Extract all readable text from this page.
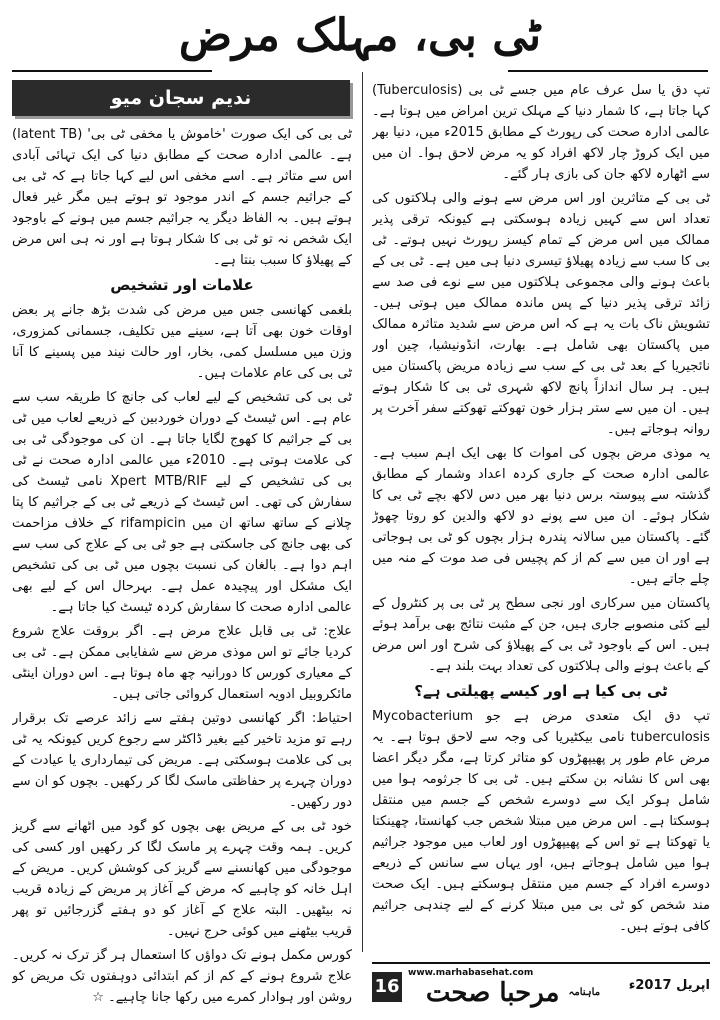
ٹی بی، مہلک مرض
ندیم سجان میو	تپ دق یا سل عرف عام میں جسے ٹی بی (Tuberculosis) کہا جاتا ہے، کا شمار دنیا کے مہلک ترین امراض میں ہوتا ہے۔ عالمی ادارہ صحت کی رپورٹ کے مطابق 2015ء میں، دنیا بھر میں ایک کروڑ چار لاکھ افراد کو یہ مرض لاحق ہوا۔ ان میں سے اٹھارہ لاکھ جان کی بازی ہار گئے۔

ٹی بی کے متاثرین اور اس مرض سے ہونے والی ہلاکتوں کی تعداد اس سے کہیں زیادہ ہوسکتی ہے کیونکہ ترقی پذیر ممالک میں اس مرض کے تمام کیسز رپورٹ نہیں ہوتے۔ ٹی بی کا سب سے زیادہ پھیلاؤ تیسری دنیا ہی میں ہے۔ ٹی بی کے باعث ہونے والی مجموعی ہلاکتوں میں سے نوے فی صد سے زائد ترقی پذیر دنیا کے پس ماندہ ممالک میں ہوتی ہیں۔ تشویش ناک بات یہ ہے کہ اس مرض سے شدید متاثرہ ممالک میں پاکستان بھی شامل ہے۔ بھارت، انڈونیشیا، چین اور نائجیریا کے بعد ٹی بی کے سب سے زیادہ مریض پاکستان میں ہیں۔ ہر سال اندازاً پانچ لاکھ شہری ٹی بی کا شکار ہوتے ہیں۔ ان میں سے ستر ہزار خون تھوکتے تھوکتے سفر آخرت پر روانہ ہوجاتے ہیں۔

یہ موذی مرض بچوں کی اموات کا بھی ایک اہم سبب ہے۔ عالمی ادارہ صحت کے جاری کردہ اعداد وشمار کے مطابق گذشتہ سے پیوستہ برس دنیا بھر میں دس لاکھ بچے ٹی بی کا شکار ہوئے۔ ان میں سے پونے دو لاکھ والدین کو روتا چھوڑ گئے۔ پاکستان میں سالانہ پندرہ ہزار بچوں کو ٹی بی ہوجاتی ہے اور ان میں سے کم از کم پچیس فی صد موت کے منہ میں چلے جاتے ہیں۔

پاکستان میں سرکاری اور نجی سطح پر ٹی بی پر کنٹرول کے لیے کئی منصوبے جاری ہیں، جن کے مثبت نتائج بھی برآمد ہوئے ہیں۔ اس کے باوجود ٹی بی کے پھیلاؤ کی شرح اور اس مرض کے باعث ہونے والی ہلاکتوں کی تعداد بہت بلند ہے۔

ٹی بی کیا ہے اور کیسے پھیلتی ہے؟

تپ دق ایک متعدی مرض ہے جو Mycobacterium tuberculosis نامی بیکٹیریا کی وجہ سے لاحق ہوتا ہے۔ یہ مرض عام طور پر پھیپھڑوں کو متاثر کرتا ہے، مگر دیگر اعضا بھی اس کا نشانہ بن سکتے ہیں۔ ٹی بی کا جرثومہ ہوا میں شامل ہوکر ایک سے دوسرے شخص کے جسم میں منتقل ہوسکتا ہے۔ اس مرض میں مبتلا شخص جب کھانستا، چھینکتا یا تھوکتا ہے تو اس کے پھیپھڑوں اور لعاب میں موجود جراثیم ہوا میں شامل ہوجاتے ہیں، اور یہاں سے سانس کے ذریعے دوسرے افراد کے جسم میں منتقل ہوسکتے ہیں۔ ایک صحت مند شخص کو ٹی بی میں مبتلا کرنے کے لیے چندہی جراثیم کافی ہوتے ہیں۔

ٹی بی کی ایک صورت 'خاموش یا مخفی ٹی بی' (latent TB) ہے۔ عالمی ادارہ صحت کے مطابق دنیا کی ایک تہائی آبادی اس سے متاثر ہے۔ اسے مخفی اس لیے کہا جاتا ہے کہ ٹی بی کے جراثیم جسم کے اندر موجود تو ہوتے ہیں مگر غیر فعال ہوتے ہیں۔ بہ الفاظ دیگر یہ جراثیم جسم میں ہونے کے باوجود ایک شخص نہ تو ٹی بی کا شکار ہوتا ہے اور نہ ہی اس مرض کے پھیلاؤ کا سبب بنتا ہے۔

علامات اور تشخیص

بلغمی کھانسی جس میں مرض کی شدت بڑھ جانے پر بعض اوقات خون بھی آتا ہے، سینے میں تکلیف، جسمانی کمزوری، وزن میں مسلسل کمی، بخار، اور حالت نیند میں پسینے کا آنا ٹی بی کی عام علامات ہیں۔

ٹی بی کی تشخیص کے لیے لعاب کی جانچ کا طریقہ سب سے عام ہے۔ اس ٹیسٹ کے دوران خوردبین کے ذریعے لعاب میں ٹی بی کے جراثیم کا کھوج لگایا جاتا ہے۔ ان کی موجودگی ٹی بی کی علامت ہوتی ہے۔ 2010ء میں عالمی ادارہ صحت نے ٹی بی کی تشخیص کے لیے Xpert MTB/RIF نامی ٹیسٹ کی سفارش کی تھی۔ اس ٹیسٹ کے ذریعے ٹی بی کے جراثیم کا پتا چلانے کے ساتھ ساتھ ان میں rifampicin کے خلاف مزاحمت کی بھی جانچ کی جاسکتی ہے جو ٹی بی کے علاج کی سب سے اہم دوا ہے۔ بالغان کی نسبت بچوں میں ٹی بی کی تشخیص ایک مشکل اور پیچیدہ عمل ہے۔ بہرحال اس کے لیے بھی عالمی ادارہ صحت کا سفارش کردہ ٹیسٹ کیا جاتا ہے۔

علاج: ٹی بی قابل علاج مرض ہے۔ اگر بروقت علاج شروع کردیا جائے تو اس موذی مرض سے شفایابی ممکن ہے۔ ٹی بی کے معیاری کورس کا دورانیہ چھ ماہ ہوتا ہے۔ اس دوران اینٹی مائکروبیل ادویہ استعمال کروائی جاتی ہیں۔

احتیاط: اگر کھانسی دوتین ہفتے سے زائد عرصے تک برقرار رہے تو مزید تاخیر کیے بغیر ڈاکٹر سے رجوع کریں کیونکہ یہ ٹی بی کی علامت ہوسکتی ہے۔ مریض کی تیمارداری یا عیادت کے دوران چہرے پر حفاظتی ماسک لگا کر رکھیں۔ بچوں کو ان سے دور رکھیں۔

خود ٹی بی کے مریض بھی بچوں کو گود میں اٹھانے سے گریز کریں۔ ہمہ وقت چہرے پر ماسک لگا کر رکھیں اور کسی کی موجودگی میں کھانسنے سے گریز کی کوشش کریں۔ مریض کے اہل خانہ کو چاہیے کہ مرض کے آغاز پر مریض کے زیادہ قریب نہ بیٹھیں۔ البتہ علاج کے آغاز کو دو ہفتے گزرجائیں تو پھر قریب بیٹھنے میں کوئی حرج نہیں۔

کورس مکمل ہونے تک دواؤں کا استعمال ہر گز ترک نہ کریں۔ علاج شروع ہونے کے کم از کم ابتدائی دوہفتوں تک مریض کو روشن اور ہوادار کمرے میں رکھا جانا چاہیے۔ ☆

16
www.marhabasehat.com
$^{ماہنامہ}$ مرحبا صحت	اپریل 2017ء
